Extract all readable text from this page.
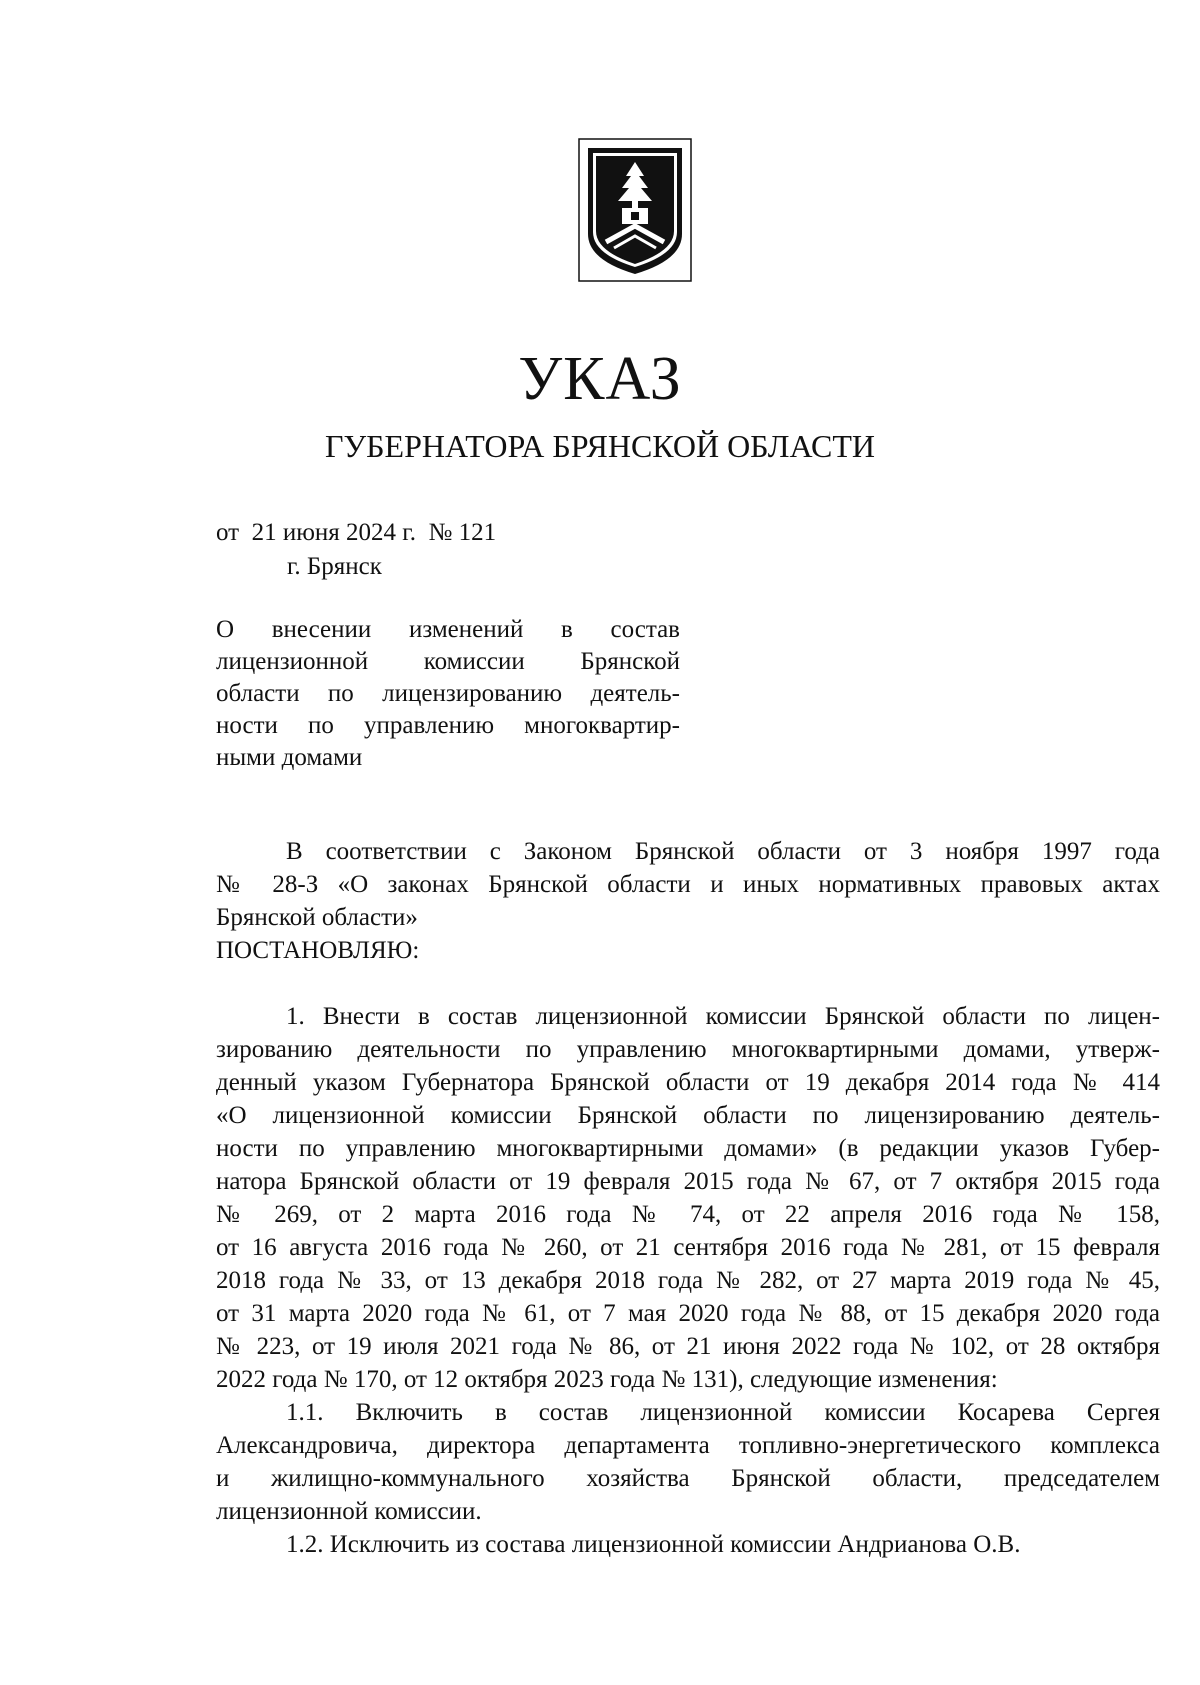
УКАЗ
ГУБЕРНАТОРА БРЯНСКОЙ ОБЛАСТИ
от  21 июня 2024 г.  № 121
г. Брянск
О внесении изменений в состав
лицензионной комиссии Брянской
области по лицензированию деятель-
ности по управлению многоквартир-
ными домами
В соответствии с Законом Брянской области от 3 ноября 1997 года
№ 28-З «О законах Брянской области и иных нормативных правовых актах
Брянской области»
ПОСТАНОВЛЯЮ:
1. Внести в состав лицензионной комиссии Брянской области по лицен-
зированию деятельности по управлению многоквартирными домами, утверж-
денный указом Губернатора Брянской области от 19 декабря 2014 года № 414
«О лицензионной комиссии Брянской области по лицензированию деятель-
ности по управлению многоквартирными домами» (в редакции указов Губер-
натора Брянской области от 19 февраля 2015 года № 67, от 7 октября 2015 года
№ 269, от 2 марта 2016 года № 74, от 22 апреля 2016 года № 158,
от 16 августа 2016 года № 260, от 21 сентября 2016 года № 281, от 15 февраля
2018 года № 33, от 13 декабря 2018 года № 282, от 27 марта 2019 года № 45,
от 31 марта 2020 года № 61, от 7 мая 2020 года № 88, от 15 декабря 2020 года
№ 223, от 19 июля 2021 года № 86, от 21 июня 2022 года № 102, от 28 октября
2022 года № 170, от 12 октября 2023 года № 131), следующие изменения:
1.1. Включить в состав лицензионной комиссии Косарева Сергея
Александровича, директора департамента топливно-энергетического комплекса
и жилищно-коммунального хозяйства Брянской области, председателем
лицензионной комиссии.
1.2. Исключить из состава лицензионной комиссии Андрианова О.В.
